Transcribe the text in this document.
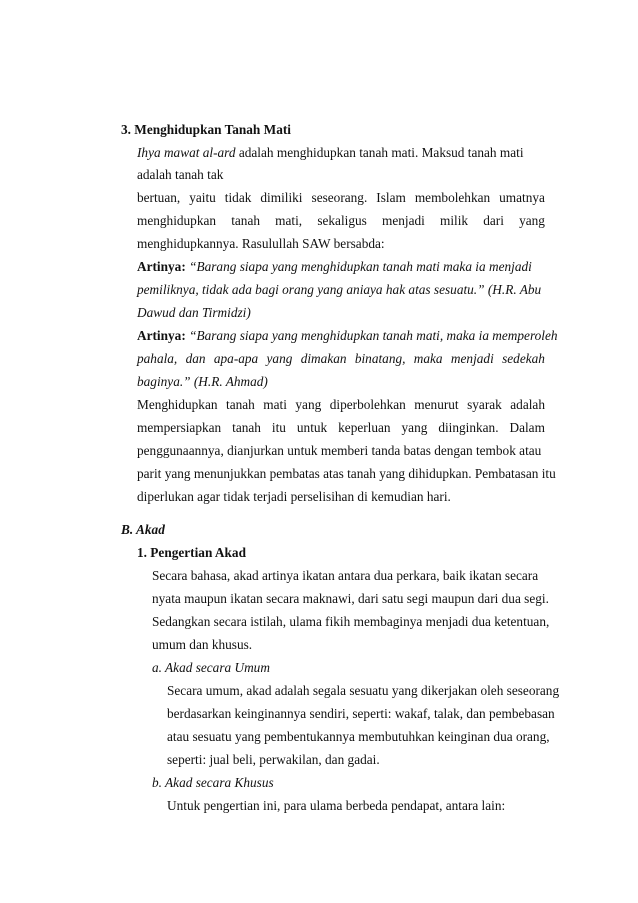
3. Menghidupkan Tanah Mati
Ihya mawat al-ard adalah menghidupkan tanah mati. Maksud tanah mati
adalah tanah tak
bertuan, yaitu tidak dimiliki seseorang. Islam membolehkan umatnya
menghidupkan tanah mati, sekaligus menjadi milik dari yang
menghidupkannya. Rasulullah SAW bersabda:
Artinya: “Barang siapa yang menghidupkan tanah mati maka ia menjadi
pemiliknya, tidak ada bagi orang yang aniaya hak atas sesuatu.” (H.R. Abu
Dawud dan Tirmidzi)
Artinya: “Barang siapa yang menghidupkan tanah mati, maka ia memperoleh
pahala, dan apa-apa yang dimakan binatang, maka menjadi sedekah
baginya.” (H.R. Ahmad)
Menghidupkan tanah mati yang diperbolehkan menurut syarak adalah
mempersiapkan tanah itu untuk keperluan yang diinginkan. Dalam
penggunaannya, dianjurkan untuk memberi tanda batas dengan tembok atau
parit yang menunjukkan pembatas atas tanah yang dihidupkan. Pembatasan itu
diperlukan agar tidak terjadi perselisihan di kemudian hari.
B. Akad
1. Pengertian Akad
Secara bahasa, akad artinya ikatan antara dua perkara, baik ikatan secara
nyata maupun ikatan secara maknawi, dari satu segi maupun dari dua segi.
Sedangkan secara istilah, ulama fikih membaginya menjadi dua ketentuan,
umum dan khusus.
a. Akad secara Umum
Secara umum, akad adalah segala sesuatu yang dikerjakan oleh seseorang
berdasarkan keinginannya sendiri, seperti: wakaf, talak, dan pembebasan
atau sesuatu yang pembentukannya membutuhkan keinginan dua orang,
seperti: jual beli, perwakilan, dan gadai.
b. Akad secara Khusus
Untuk pengertian ini, para ulama berbeda pendapat, antara lain:
